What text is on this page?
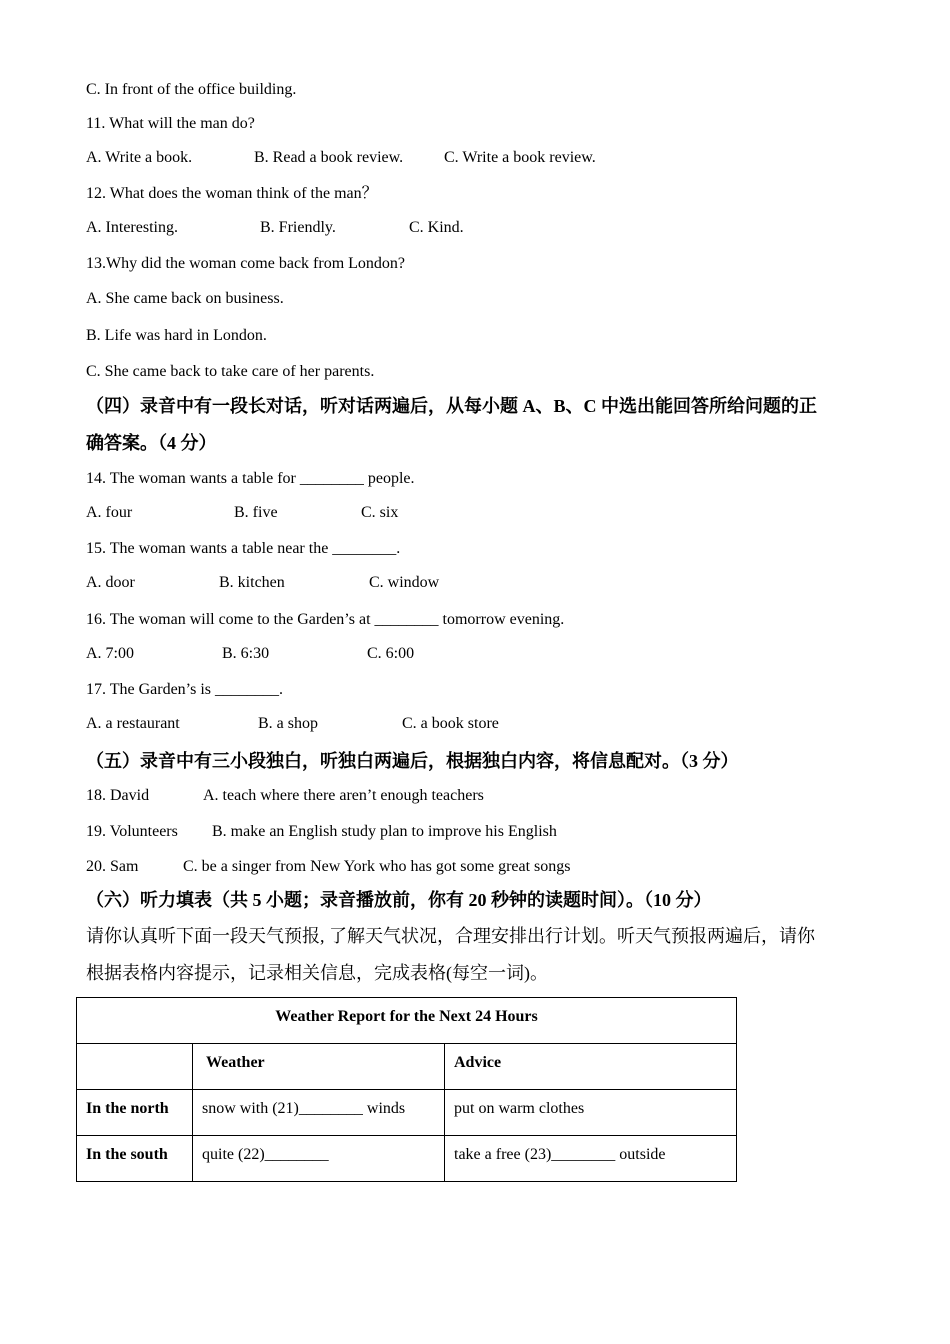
C. In front of the office building.
11. What will the man do?
A. Write a book.	B. Read a book review.	C. Write a book review.
12. What does the woman think of the man？
A. Interesting.	B. Friendly.	C. Kind.
13.Why did the woman come back from London?
A. She came back on business.
B. Life was hard in London.
C. She came back to take care of her parents.
（四）录音中有一段长对话，听对话两遍后，从每小题 A、B、C 中选出能回答所给问题的正
确答案。（4 分）
14. The woman wants a table for ________ people.
A. four	B. five	C. six
15. The woman wants a table near the ________.
A. door	B. kitchen	C. window
16. The woman will come to the Garden’s at ________ tomorrow evening.
A. 7:00	B. 6:30	C. 6:00
17. The Garden’s is ________.
A. a restaurant	B. a shop	C. a book store
（五）录音中有三小段独白，听独白两遍后，根据独白内容，将信息配对。（3 分）
18. David	A. teach where there aren’t enough teachers
19. Volunteers B. make an English study plan to improve his English
20. Sam	C. be a singer from New York who has got some great songs
（六）听力填表（共 5 小题；录音播放前，你有 20 秒钟的读题时间）。（10 分）
请你认真听下面一段天气预报, 了解天气状况，合理安排出行计划。听天气预报两遍后，请你
根据表格内容提示，记录相关信息，完成表格(每空一词)。
Weather Report for the Next 24 Hours		
	Weather	Advice
In the north	snow with (21)________ winds	put on warm clothes
In the south	quite (22)________	take a free (23)________ outside
